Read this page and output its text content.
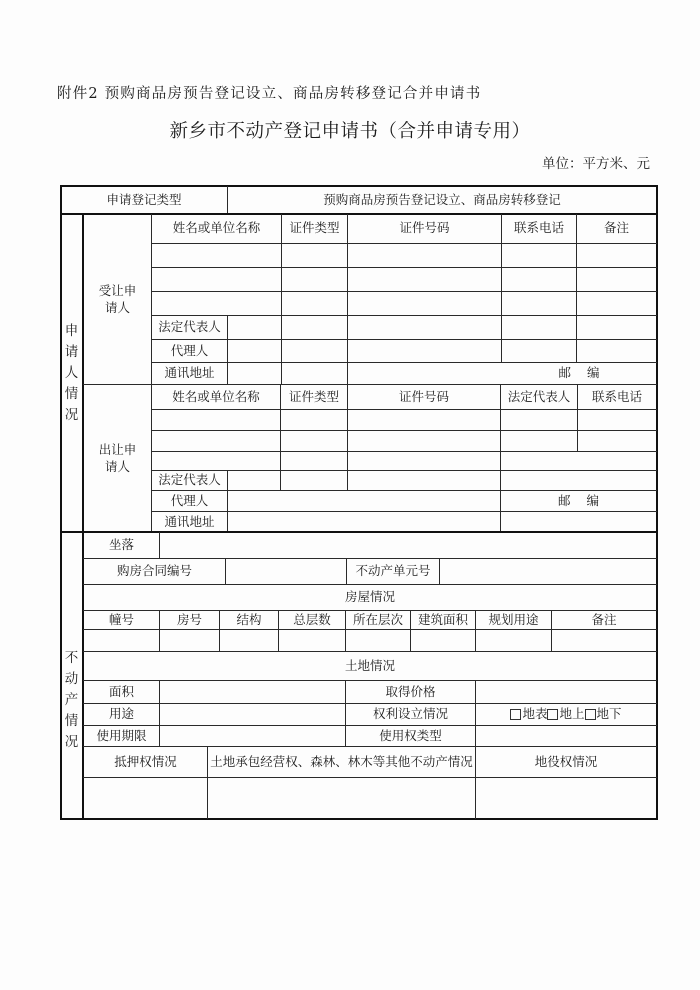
附件2 预购商品房预告登记设立、商品房转移登记合并申请书
新乡市不动产登记申请书（合并申请专用）
单位：平方米、元
申请登记类型	预购商品房预告登记设立、商品房转移登记
申
请
人
情
况
受让申
请人
姓名或单位名称	证件类型	证件号码	联系电话	备注
法定代表人
代理人
通讯地址	邮    编
出让申
请人
姓名或单位名称	证件类型	证件号码	法定代表人	联系电话
法定代表人
代理人	邮    编
通讯地址
不
动
产
情
况
坐落
购房合同编号	不动产单元号
房屋情况
幢号	房号	结构	总层数	所在层次	建筑面积	规划用途	备注
土地情况
面积	取得价格
用途	权利设立情况	地表 地上 地下
使用期限	使用权类型
抵押权情况	土地承包经营权、森林、林木等其他不动产情况	地役权情况
